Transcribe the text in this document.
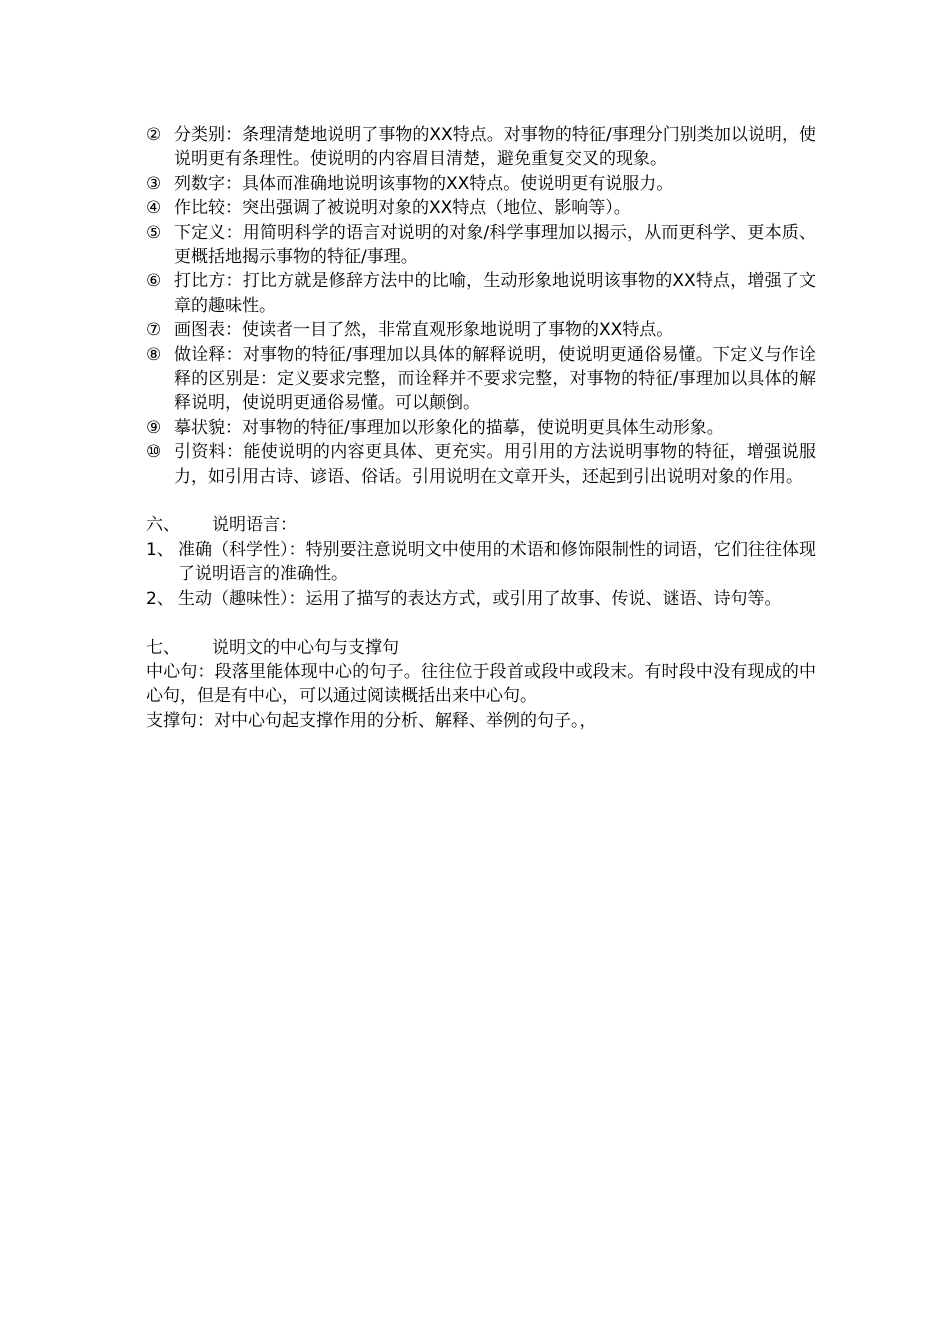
② 分类别：条理清楚地说明了事物的XX特点。对事物的特征/事理分门别类加以说明，使说明更有条理性。使说明的内容眉目清楚，避免重复交叉的现象。
③ 列数字：具体而准确地说明该事物的XX特点。使说明更有说服力。
④ 作比较：突出强调了被说明对象的XX特点（地位、影响等）。
⑤ 下定义：用简明科学的语言对说明的对象/科学事理加以揭示，从而更科学、更本质、更概括地揭示事物的特征/事理。
⑥ 打比方：打比方就是修辞方法中的比喻，生动形象地说明该事物的XX特点，增强了文章的趣味性。
⑦ 画图表：使读者一目了然，非常直观形象地说明了事物的XX特点。
⑧ 做诠释：对事物的特征/事理加以具体的解释说明，使说明更通俗易懂。下定义与作诠释的区别是：定义要求完整，而诠释并不要求完整，对事物的特征/事理加以具体的解释说明，使说明更通俗易懂。可以颠倒。
⑨ 摹状貌：对事物的特征/事理加以形象化的描摹，使说明更具体生动形象。
⑩ 引资料：能使说明的内容更具体、更充实。用引用的方法说明事物的特征，增强说服力，如引用古诗、谚语、俗话。引用说明在文章开头，还起到引出说明对象的作用。
六、	说明语言：
1、 准确（科学性）：特别要注意说明文中使用的术语和修饰限制性的词语，它们往往体现了说明语言的准确性。
2、 生动（趣味性）：运用了描写的表达方式，或引用了故事、传说、谜语、诗句等。
七、	说明文的中心句与支撑句
中心句：段落里能体现中心的句子。往往位于段首或段中或段末。有时段中没有现成的中心句，但是有中心，可以通过阅读概括出来中心句。
支撑句：对中心句起支撑作用的分析、解释、举例的句子。，
